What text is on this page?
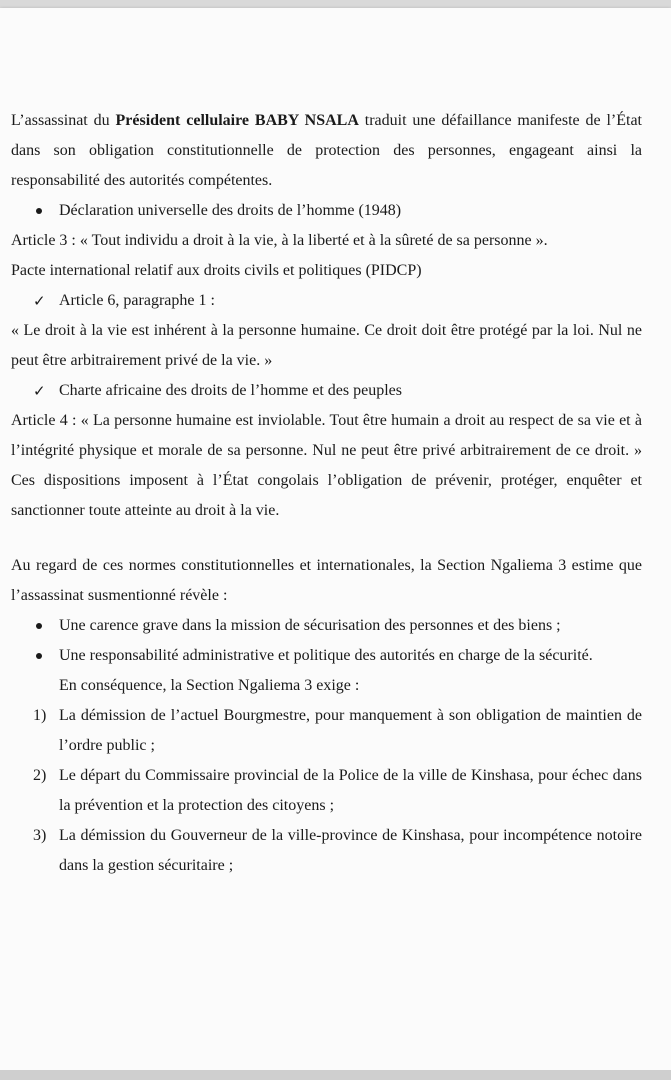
L’assassinat du Président cellulaire BABY NSALA traduit une défaillance manifeste de l’État dans son obligation constitutionnelle de protection des personnes, engageant ainsi la responsabilité des autorités compétentes.

Déclaration universelle des droits de l’homme (1948)
Article 3 : « Tout individu a droit à la vie, à la liberté et à la sûreté de sa personne ».
Pacte international relatif aux droits civils et politiques (PIDCP)
✓ Article 6, paragraphe 1 :

« Le droit à la vie est inhérent à la personne humaine. Ce droit doit être protégé par la loi. Nul ne peut être arbitrairement privé de la vie. »

✓ Charte africaine des droits de l’homme et des peuples

Article 4 : « La personne humaine est inviolable. Tout être humain a droit au respect de sa vie et à l’intégrité physique et morale de sa personne. Nul ne peut être privé arbitrairement de ce droit. » Ces dispositions imposent à l’État congolais l’obligation de prévenir, protéger, enquêter et sanctionner toute atteinte au droit à la vie.

Au regard de ces normes constitutionnelles et internationales, la Section Ngaliema 3 estime que l’assassinat susmentionné révèle :

Une carence grave dans la mission de sécurisation des personnes et des biens ;
Une responsabilité administrative et politique des autorités en charge de la sécurité.
En conséquence, la Section Ngaliema 3 exige :

1) La démission de l’actuel Bourgmestre, pour manquement à son obligation de maintien de l’ordre public ;

2) Le départ du Commissaire provincial de la Police de la ville de Kinshasa, pour échec dans la prévention et la protection des citoyens ;

3) La démission du Gouverneur de la ville-province de Kinshasa, pour incompétence notoire dans la gestion sécuritaire ;
